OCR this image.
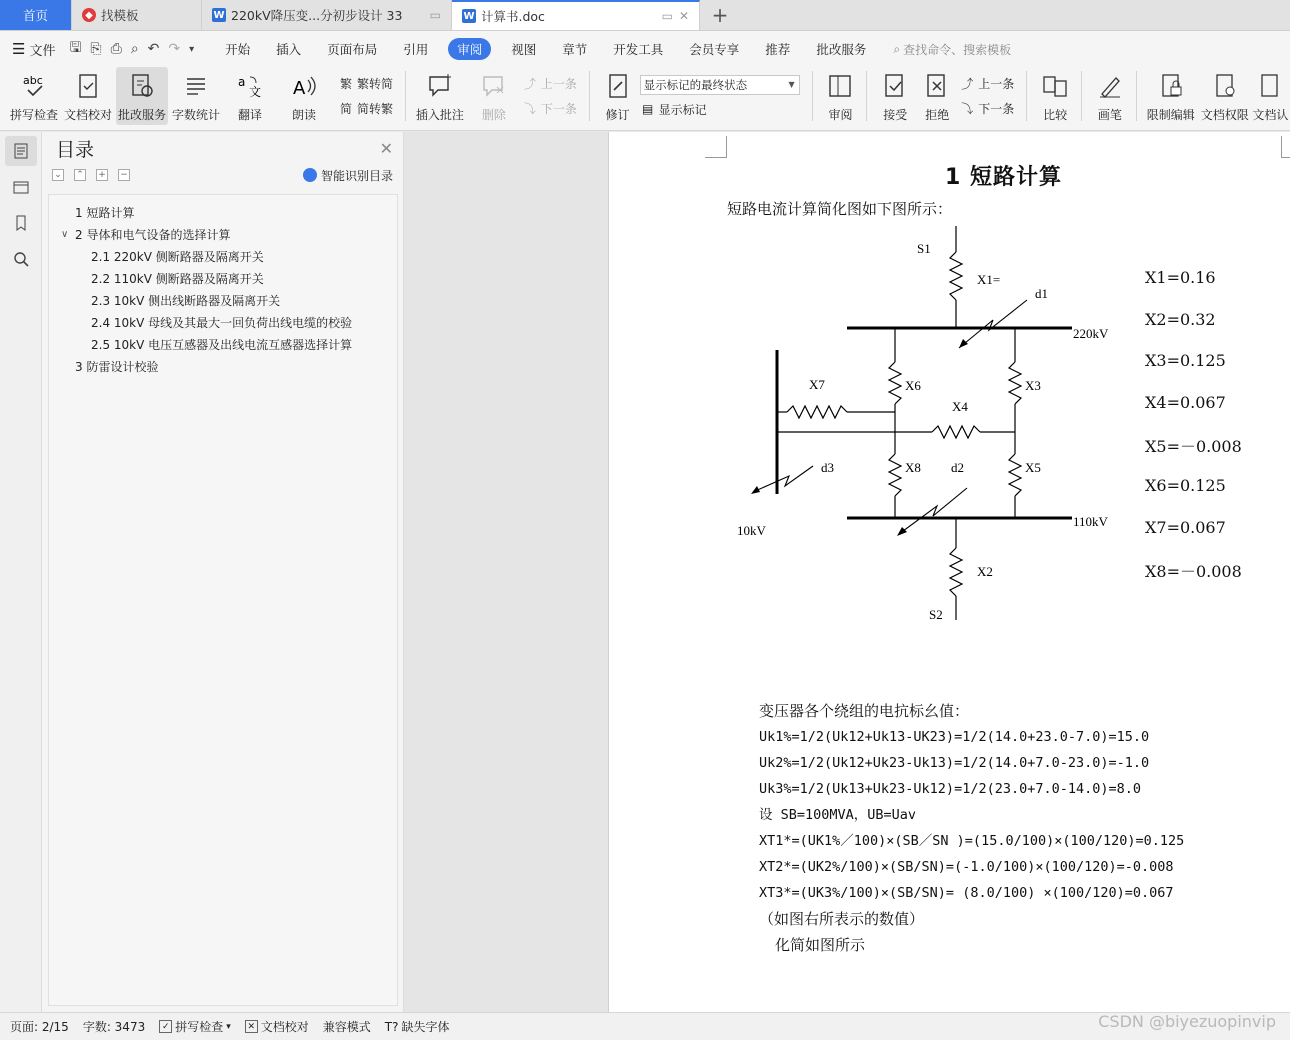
首页	◆ 找模板	W 220kV降压变...分初步设计 33	▭ W 计算书.doc	▭ ✕	+
☰ 文件 🖫 ⎘ ⎙ ⌕ ↶ ↷ ▾ 开始 插入 页面布局 引用	审阅	视图 章节 开发工具 会员专享 推荐 批改服务 ⌕ 查找命令、搜索模板
abc
拼写检查 文档校对 批改服务 字数统计
a
文
翻译
A
朗读
繁 繁转简
简 简转繁 插入批注 删除
⤴ 上一条
⤵ 下一条 修订
显示标记的最终状态	▼
▤ 显示标记	审阅	接受 拒绝
⤴ 上一条
⤵ 下一条 比较	画笔 限制编辑 文档权限 文档认
目录	✕
⌄ ⌃ + −	智能识别目录
1 短路计算
∨ 2 导体和电气设备的选择计算
2.1 220kV 侧断路器及隔离开关
2.2 110kV 侧断路器及隔离开关
2.3 10kV 侧出线断路器及隔离开关
2.4 10kV 母线及其最大一回负荷出线电缆的校验
2.5 10kV 电压互感器及出线电流互感器选择计算
3 防雷设计校验
1 短路计算
短路电流计算简化图如下图所示：
S1
X1=
220kV
d1
X6	X3
X4
X7
10kV
d3	X8	X5
110kV
d2
X2
S2
X1=0.16
X2=0.32
X3=0.125
X4=0.067
X5=－0.008
X6=0.125
X7=0.067
X8=－0.008
变压器各个绕组的电抗标幺值：
Uk1%=1/2(Uk12+Uk13-UK23)=1/2(14.0+23.0-7.0)=15.0
Uk2%=1/2(Uk12+Uk23-Uk13)=1/2(14.0+7.0-23.0)=-1.0
Uk3%=1/2(Uk13+Uk23-Uk12)=1/2(23.0+7.0-14.0)=8.0
设 SB=100MVA，UB=Uav
XT1*=(UK1%／100)×(SB／SN )=(15.0/100)×(100/120)=0.125
XT2*=(UK2%/100)×(SB/SN)=(-1.0/100)×(100/120)=-0.008
XT3*=(UK3%/100)×(SB/SN)= (8.0/100) ×(100/120)=0.067
（如图右所表示的数值）
化简如图所示
页面: 2/15 字数: 3473	✓ 拼写检查 ▾	✕ 文档校对 兼容模式 T? 缺失字体	CSDN @biyezuopinvip
